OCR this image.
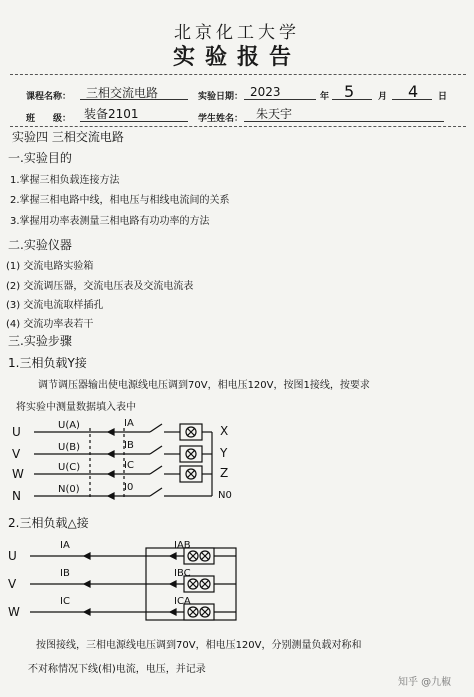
北京化工大学
实验报告
课程名称： 三相交流电路	实验日期： 2023	年 5	月 4 日
班　　级： 装备2101	学生姓名： 朱天宇
实验四 三相交流电路
一.实验目的
1.掌握三相负载连接方法
2.掌握三相电路中线，相电压与相线电流间的关系
3.掌握用功率表测量三相电路有功功率的方法
二.实验仪器
(1) 交流电路实验箱
(2) 交流调压器，交流电压表及交流电流表
(3) 交流电流取样插孔
(4) 交流功率表若干
三.实验步骤
1.三相负载Y接
调节调压器输出使电源线电压调到70V，相电压120V，按图1接线，按要求
将实验中测量数据填入表中
U
V
W
N
U(A)
U(B)
U(C)
N(0)
IA
IB
IC
I0
X
Y
Z
N0
2.三相负载△接
U
V
W
IA
IB
IC
IAB
IBC
ICA
按图接线，三相电源线电压调到70V，相电压120V，分别测量负载对称和
不对称情况下线(相)电流，电压，并记录
知乎 @九椒
